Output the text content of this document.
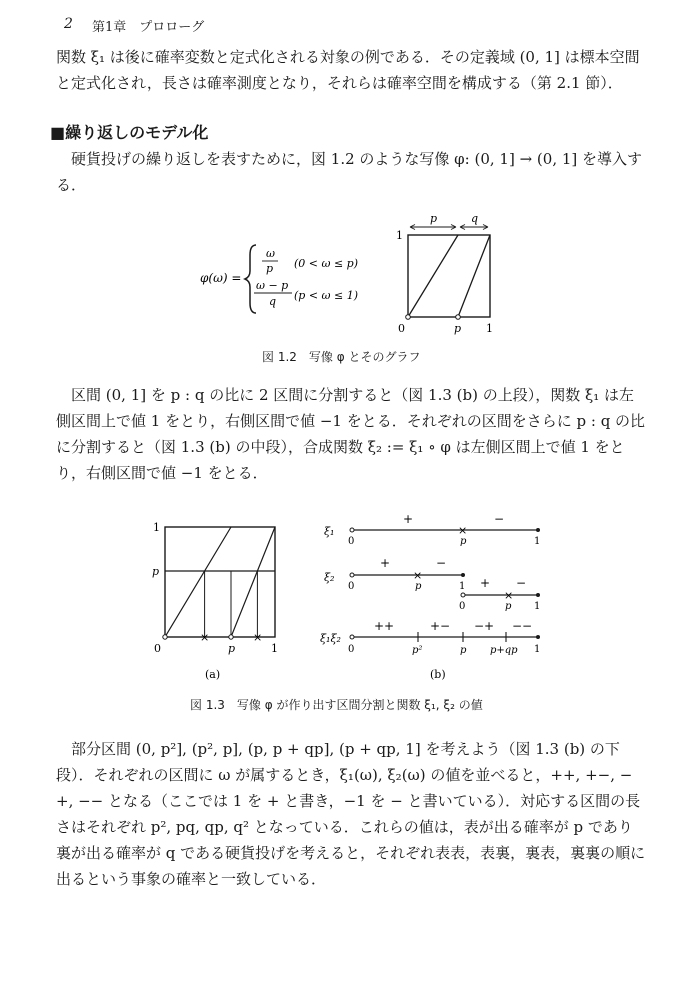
2 第1章　プロローグ
関数 ξ₁ は後に確率変数と定式化される対象の例である．その定義域 (0, 1] は標本空間と定式化され，長さは確率測度となり，それらは確率空間を構成する（第 2.1 節）．
■繰り返しのモデル化
　硬貨投げの繰り返しを表すために，図 1.2 のような写像 φ: (0, 1] → (0, 1] を導入する．
φ(ω) =
ω
p (0 < ω ≤ p)
ω − p
q (p < ω ≤ 1)
p	q
1
0	p 1
図 1.2　写像 φ とそのグラフ
　区間 (0, 1] を p : q の比に 2 区間に分割すると（図 1.3 (b) の上段），関数 ξ₁ は左側区間上で値 1 をとり，右側区間で値 −1 をとる．それぞれの区間をさらに p : q の比に分割すると（図 1.3 (b) の中段），合成関数 ξ₂ := ξ₁ ∘ φ は左側区間上で値 1 をとり，右側区間で値 −1 をとる．
×	×
1
p
0	p	1
(a)
ξ₁	×
+	−
0	p	1
ξ₂	×
+	−
0	p	1
×
+ −
0	p 1
ξ₁ξ₂
++	+− −+ −−
0	p²	p p+qp 1
(b)
図 1.3　写像 φ が作り出す区間分割と関数 ξ₁, ξ₂ の値
　部分区間 (0, p²], (p², p], (p, p + qp], (p + qp, 1] を考えよう（図 1.3 (b) の下段）．それぞれの区間に ω が属するとき，ξ₁(ω), ξ₂(ω) の値を並べると，++, +−, −+, −− となる（ここでは 1 を + と書き，−1 を − と書いている）．対応する区間の長さはそれぞれ p², pq, qp, q² となっている．これらの値は，表が出る確率が p であり裏が出る確率が q である硬貨投げを考えると，それぞれ表表，表裏，裏表，裏裏の順に出るという事象の確率と一致している．
